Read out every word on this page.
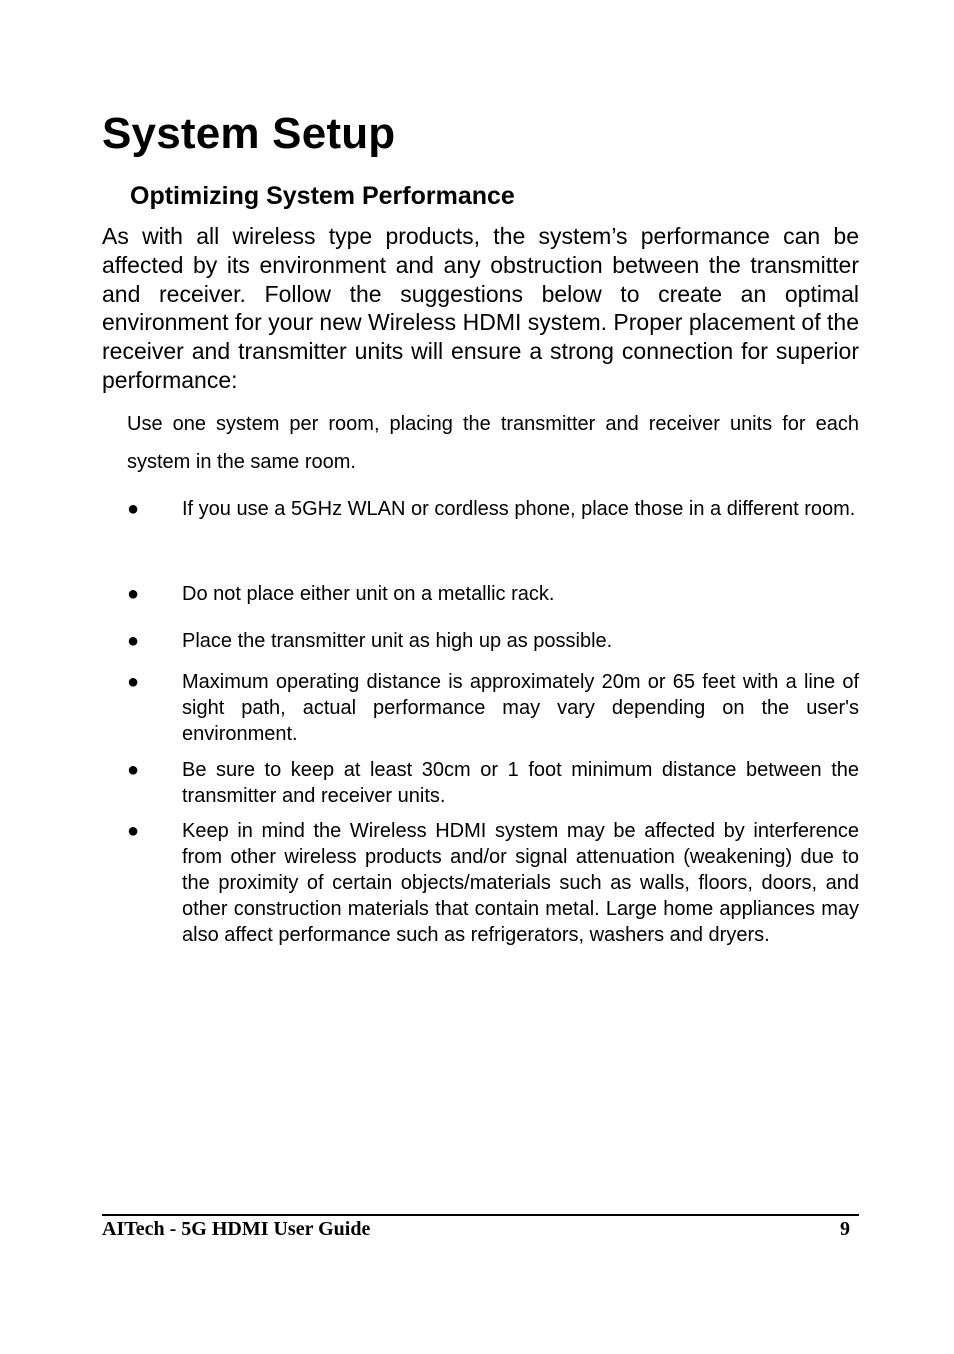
System Setup
Optimizing System Performance

As with all wireless type products, the system’s performance can be affected by its environment and any obstruction between the transmitter and receiver. Follow the suggestions below to create an optimal environment for your new Wireless HDMI system. Proper placement of the receiver and transmitter units will ensure a strong connection for superior performance:

Use one system per room, placing the transmitter and receiver units for each system in the same room.

●	If you use a 5GHz WLAN or cordless phone, place those in a different room.
●	Do not place either unit on a metallic rack.
●	Place the transmitter unit as high up as possible.
●	Maximum operating distance is approximately 20m or 65 feet with a line of sight path, actual performance may vary depending on the user's environment.
●	Be sure to keep at least 30cm or 1 foot minimum distance between the transmitter and receiver units.
●	Keep in mind the Wireless HDMI system may be affected by interference from other wireless products and/or signal attenuation (weakening) due to the proximity of certain objects/materials such as walls, floors, doors, and other construction materials that contain metal. Large home appliances may also affect performance such as refrigerators, washers and dryers.
AITech - 5G HDMI User Guide	9
